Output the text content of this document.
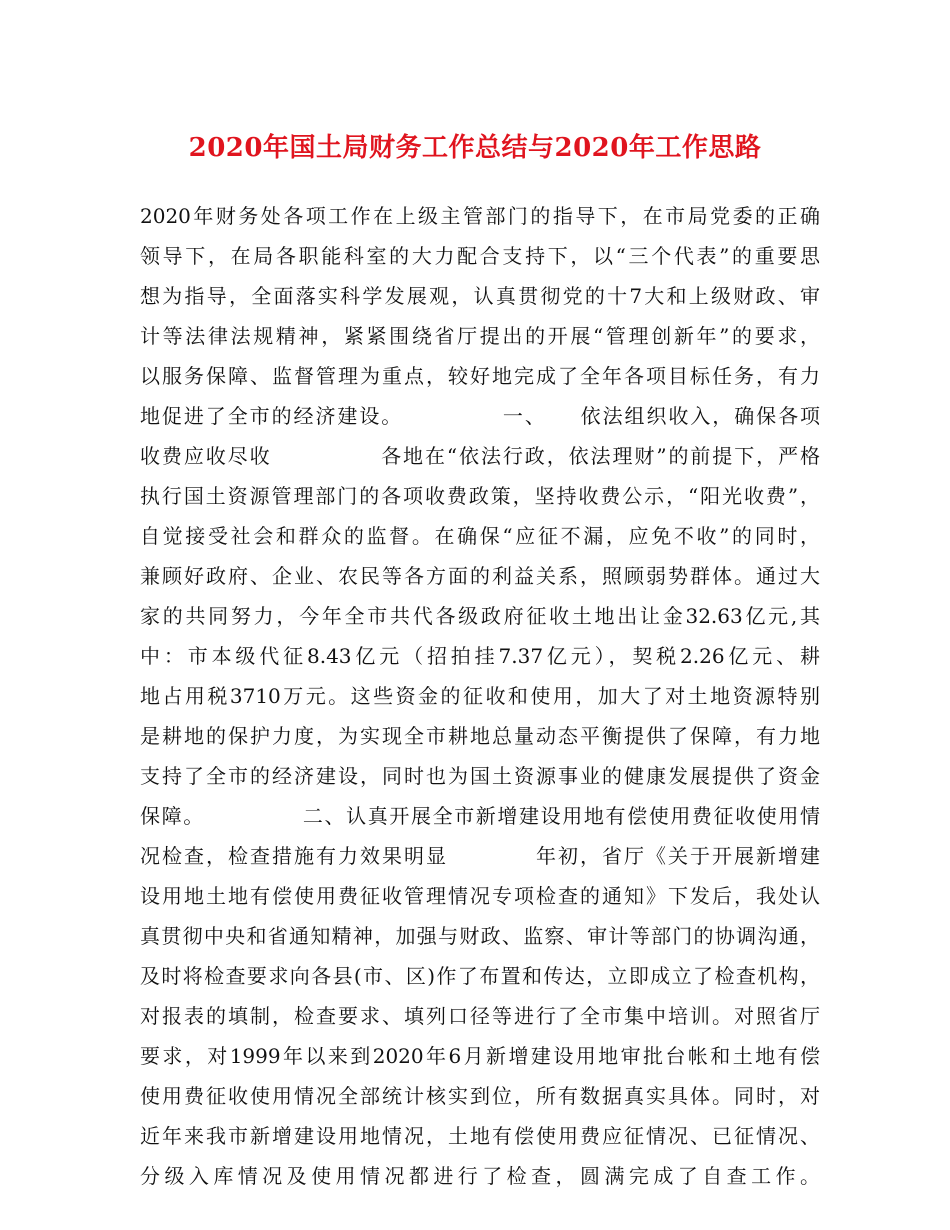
2020年国土局财务工作总结与2020年工作思路
2020年财务处各项工作在上级主管部门的指导下，在市局党委的正确
领导下，在局各职能科室的大力配合支持下，以“三个代表”的重要思
想为指导，全面落实科学发展观，认真贯彻党的十7大和上级财政、审
计等法律法规精神，紧紧围绕省厅提出的开展“管理创新年”的要求，
以服务保障、监督管理为重点，较好地完成了全年各项目标任务，有力
地促进了全市的经济建设。　　　　　一、　　依法组织收入，确保各项
收费应收尽收　　　　　各地在“依法行政，依法理财”的前提下，严格
执行国土资源管理部门的各项收费政策，坚持收费公示，“阳光收费”，
自觉接受社会和群众的监督。在确保“应征不漏，应免不收”的同时，
兼顾好政府、企业、农民等各方面的利益关系，照顾弱势群体。通过大
家的共同努力，今年全市共代各级政府征收土地出让金32.63亿元,其
中：市本级代征8.43亿元（招拍挂7.37亿元），契税2.26亿元、耕
地占用税3710万元。这些资金的征收和使用，加大了对土地资源特别
是耕地的保护力度，为实现全市耕地总量动态平衡提供了保障，有力地
支持了全市的经济建设，同时也为国土资源事业的健康发展提供了资金
保障。　　　　　二、认真开展全市新增建设用地有偿使用费征收使用情
况检查，检查措施有力效果明显　　　　年初，省厅《关于开展新增建
设用地土地有偿使用费征收管理情况专项检查的通知》下发后，我处认
真贯彻中央和省通知精神，加强与财政、监察、审计等部门的协调沟通，
及时将检查要求向各县(市、区)作了布置和传达，立即成立了检查机构，
对报表的填制，检查要求、填列口径等进行了全市集中培训。对照省厅
要求，对1999年以来到2020年6月新增建设用地审批台帐和土地有偿
使用费征收使用情况全部统计核实到位，所有数据真实具体。同时，对
近年来我市新增建设用地情况，土地有偿使用费应征情况、已征情况、
分级入库情况及使用情况都进行了检查，圆满完成了自查工作。
